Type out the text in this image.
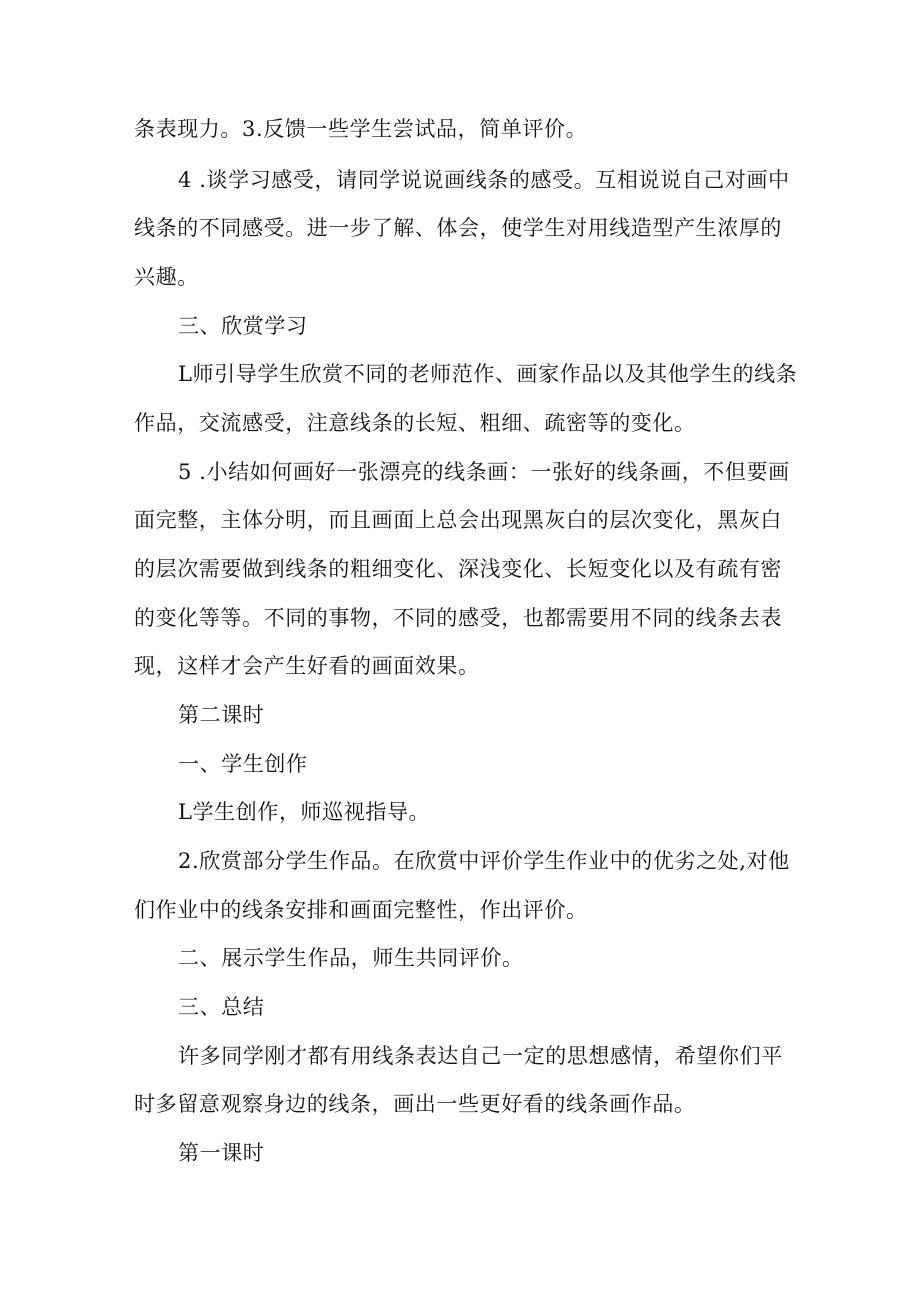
条表现力。3.反馈一些学生尝试品，简单评价。
4 .谈学习感受，请同学说说画线条的感受。互相说说自己对画中
线条的不同感受。进一步了解、体会，使学生对用线造型产生浓厚的
兴趣。
三、欣赏学习
L师引导学生欣赏不同的老师范作、画家作品以及其他学生的线条
作品，交流感受，注意线条的长短、粗细、疏密等的变化。
5 .小结如何画好一张漂亮的线条画：一张好的线条画，不但要画
面完整，主体分明，而且画面上总会出现黑灰白的层次变化，黑灰白
的层次需要做到线条的粗细变化、深浅变化、长短变化以及有疏有密
的变化等等。不同的事物，不同的感受，也都需要用不同的线条去表
现，这样才会产生好看的画面效果。
第二课时
一、学生创作
L学生创作，师巡视指导。
2.欣赏部分学生作品。在欣赏中评价学生作业中的优劣之处,对他
们作业中的线条安排和画面完整性，作出评价。
二、展示学生作品，师生共同评价。
三、总结
许多同学刚才都有用线条表达自己一定的思想感情，希望你们平
时多留意观察身边的线条，画出一些更好看的线条画作品。
第一课时
